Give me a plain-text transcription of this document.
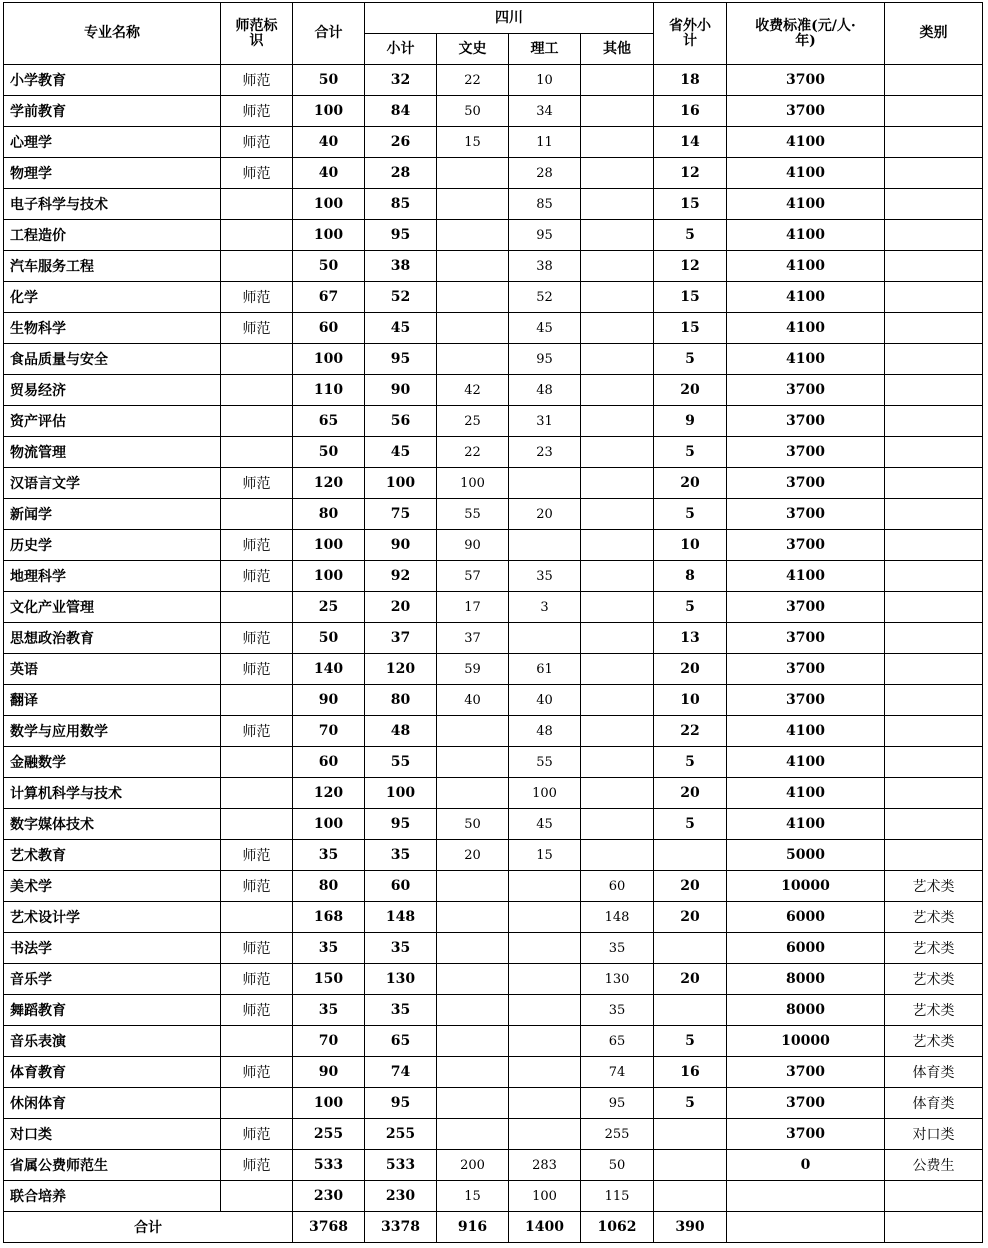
专业名称	师范标识	合计	四川				省外小计	收费标准(元/人·年)	类别
			小计	文史	理工	其他			
小学教育	师范	50	32	22	10		18	3700	
学前教育	师范	100	84	50	34		16	3700	
心理学	师范	40	26	15	11		14	4100	
物理学	师范	40	28		28		12	4100	
电子科学与技术		100	85		85		15	4100	
工程造价		100	95		95		5	4100	
汽车服务工程		50	38		38		12	4100	
化学	师范	67	52		52		15	4100	
生物科学	师范	60	45		45		15	4100	
食品质量与安全		100	95		95		5	4100	
贸易经济		110	90	42	48		20	3700	
资产评估		65	56	25	31		9	3700	
物流管理		50	45	22	23		5	3700	
汉语言文学	师范	120	100	100			20	3700	
新闻学		80	75	55	20		5	3700	
历史学	师范	100	90	90			10	3700	
地理科学	师范	100	92	57	35		8	4100	
文化产业管理		25	20	17	3		5	3700	
思想政治教育	师范	50	37	37			13	3700	
英语	师范	140	120	59	61		20	3700	
翻译		90	80	40	40		10	3700	
数学与应用数学	师范	70	48		48		22	4100	
金融数学		60	55		55		5	4100	
计算机科学与技术		120	100		100		20	4100	
数字媒体技术		100	95	50	45		5	4100	
艺术教育	师范	35	35	20	15			5000	
美术学	师范	80	60			60	20	10000	艺术类
艺术设计学		168	148			148	20	6000	艺术类
书法学	师范	35	35			35		6000	艺术类
音乐学	师范	150	130			130	20	8000	艺术类
舞蹈教育	师范	35	35			35		8000	艺术类
音乐表演		70	65			65	5	10000	艺术类
体育教育	师范	90	74			74	16	3700	体育类
休闲体育		100	95			95	5	3700	体育类
对口类	师范	255	255			255		3700	对口类
省属公费师范生	师范	533	533	200	283	50		0	公费生
联合培养		230	230	15	100	115			
合计		3768	3378	916	1400	1062	390		
